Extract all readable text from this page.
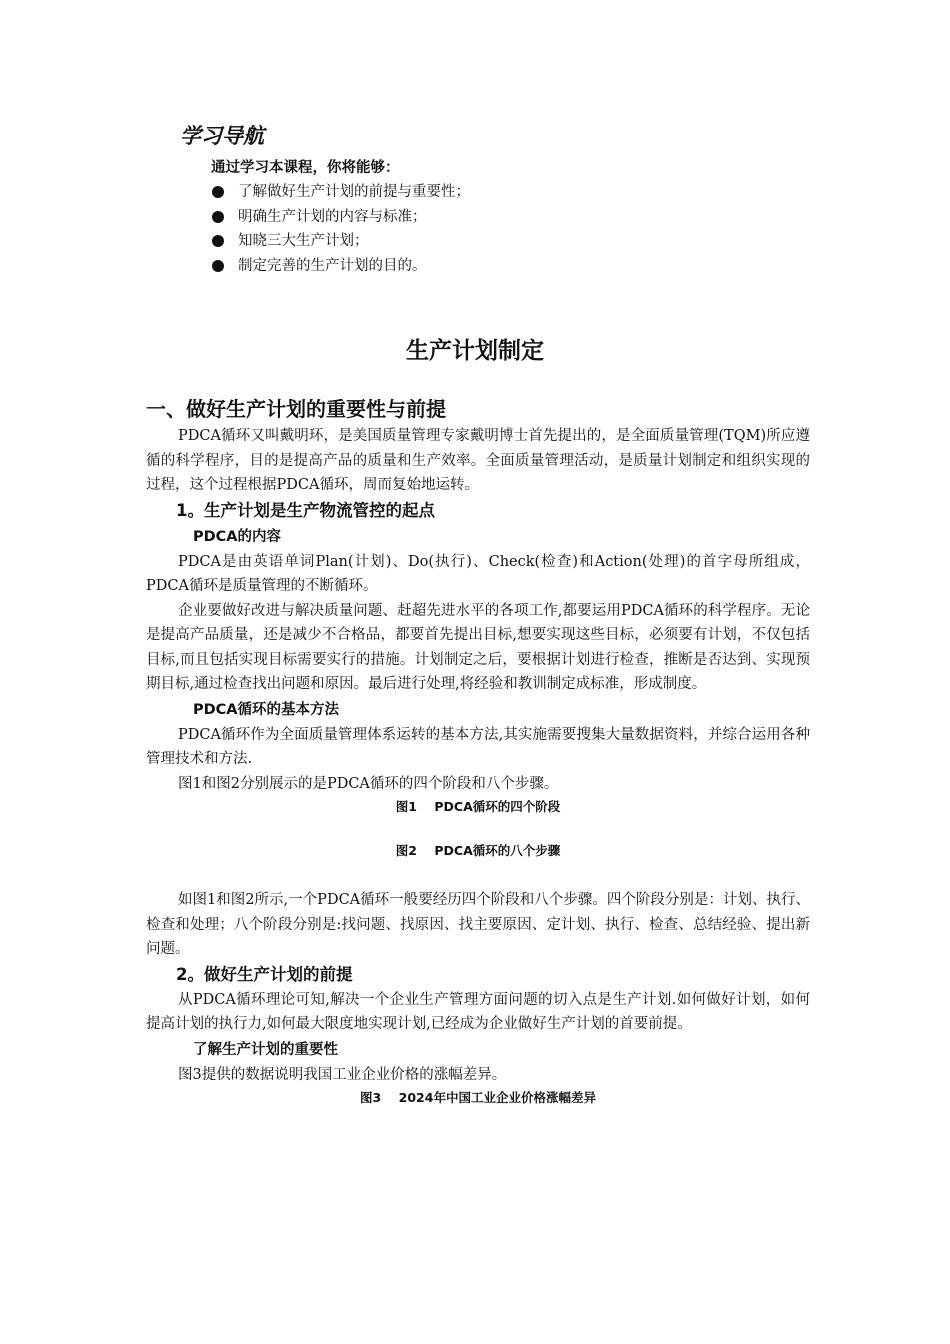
学习导航

通过学习本课程，你将能够：

了解做好生产计划的前提与重要性；
明确生产计划的内容与标准；
知晓三大生产计划；
制定完善的生产计划的目的。
生产计划制定
一、做好生产计划的重要性与前提

PDCA循环又叫戴明环，是美国质量管理专家戴明博士首先提出的，是全面质量管理(TQM)所应遵循的科学程序，目的是提高产品的质量和生产效率。全面质量管理活动，是质量计划制定和组织实现的过程，这个过程根据PDCA循环，周而复始地运转。

1。生产计划是生产物流管控的起点
PDCA的内容

PDCA是由英语单词Plan(计划)、Do(执行)、Check(检查)和Action(处理)的首字母所组成，PDCA循环是质量管理的不断循环。

企业要做好改进与解决质量问题、赶超先进水平的各项工作,都要运用PDCA循环的科学程序。无论是提高产品质量，还是减少不合格品，都要首先提出目标,想要实现这些目标，必须要有计划，不仅包括目标,而且包括实现目标需要实行的措施。计划制定之后，要根据计划进行检查，推断是否达到、实现预期目标,通过检查找出问题和原因。最后进行处理,将经验和教训制定成标准，形成制度。

PDCA循环的基本方法

PDCA循环作为全面质量管理体系运转的基本方法,其实施需要搜集大量数据资料，并综合运用各种管理技术和方法.

图1和图2分别展示的是PDCA循环的四个阶段和八个步骤。

图1    PDCA循环的四个阶段

图2    PDCA循环的八个步骤

如图1和图2所示,一个PDCA循环一般要经历四个阶段和八个步骤。四个阶段分别是：计划、执行、检查和处理；八个阶段分别是:找问题、找原因、找主要原因、定计划、执行、检查、总结经验、提出新问题。

2。做好生产计划的前提

从PDCA循环理论可知,解决一个企业生产管理方面问题的切入点是生产计划.如何做好计划，如何提高计划的执行力,如何最大限度地实现计划,已经成为企业做好生产计划的首要前提。

了解生产计划的重要性

图3提供的数据说明我国工业企业价格的涨幅差异。

图3    2024年中国工业企业价格涨幅差异
